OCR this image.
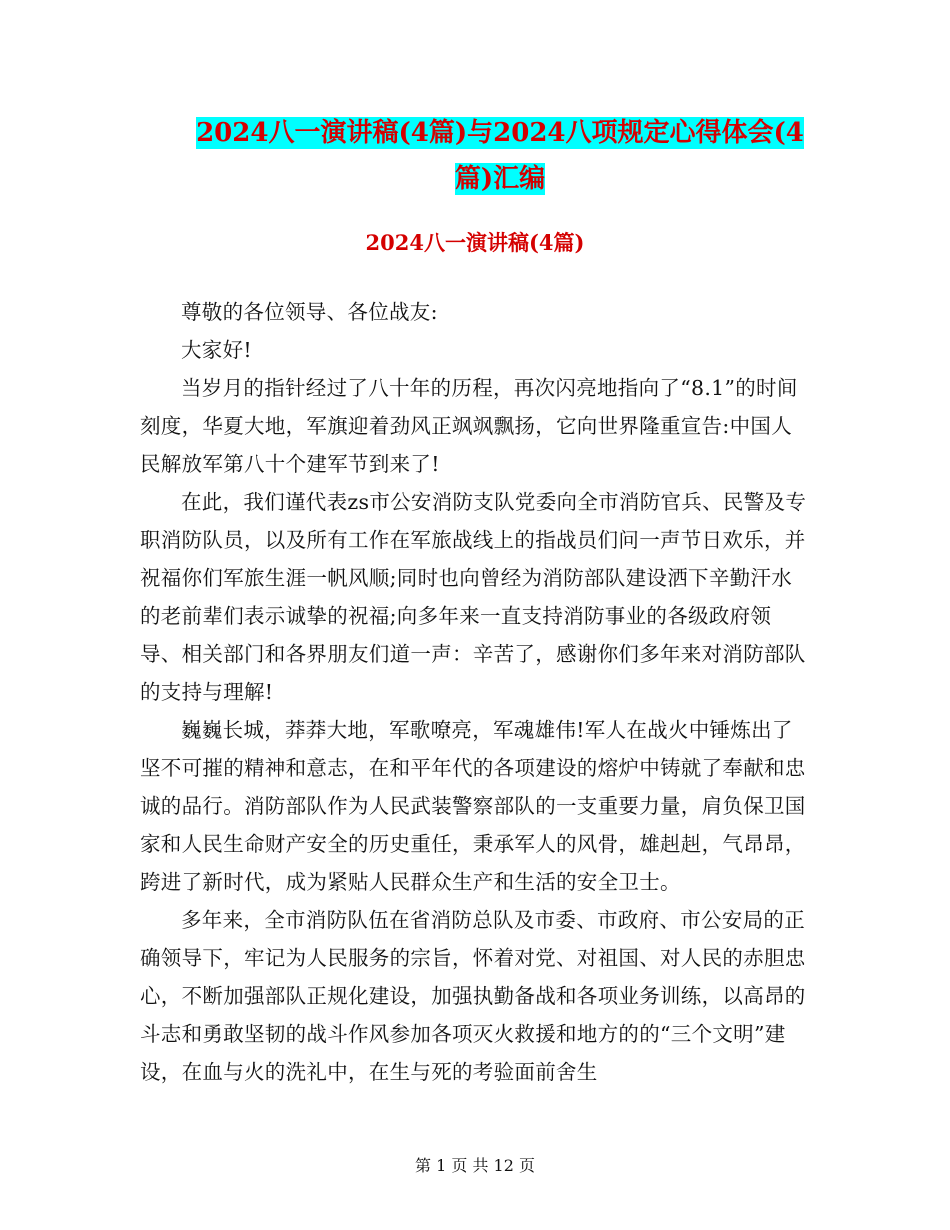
2024八一演讲稿(4篇)与2024八项规定心得体会(4
篇)汇编
2024八一演讲稿(4篇)

尊敬的各位领导、各位战友:

大家好!

当岁月的指针经过了八十年的历程，再次闪亮地指向了“8.1”的时间刻度，华夏大地，军旗迎着劲风正飒飒飘扬，它向世界隆重宣告:中国人民解放军第八十个建军节到来了!

在此，我们谨代表zs市公安消防支队党委向全市消防官兵、民警及专职消防队员，以及所有工作在军旅战线上的指战员们问一声节日欢乐，并祝福你们军旅生涯一帆风顺;同时也向曾经为消防部队建设洒下辛勤汗水的老前辈们表示诚挚的祝福;向多年来一直支持消防事业的各级政府领导、相关部门和各界朋友们道一声：辛苦了，感谢你们多年来对消防部队的支持与理解!

巍巍长城，莽莽大地，军歌嘹亮，军魂雄伟!军人在战火中锤炼出了坚不可摧的精神和意志，在和平年代的各项建设的熔炉中铸就了奉献和忠诚的品行。消防部队作为人民武装警察部队的一支重要力量，肩负保卫国家和人民生命财产安全的历史重任，秉承军人的风骨，雄赳赳，气昂昂，跨进了新时代，成为紧贴人民群众生产和生活的安全卫士。

多年来，全市消防队伍在省消防总队及市委、市政府、市公安局的正确领导下，牢记为人民服务的宗旨，怀着对党、对祖国、对人民的赤胆忠心，不断加强部队正规化建设，加强执勤备战和各项业务训练，以高昂的斗志和勇敢坚韧的战斗作风参加各项灭火救援和地方的的“三个文明”建设，在血与火的洗礼中，在生与死的考验面前舍生

第 1 页 共 12 页
